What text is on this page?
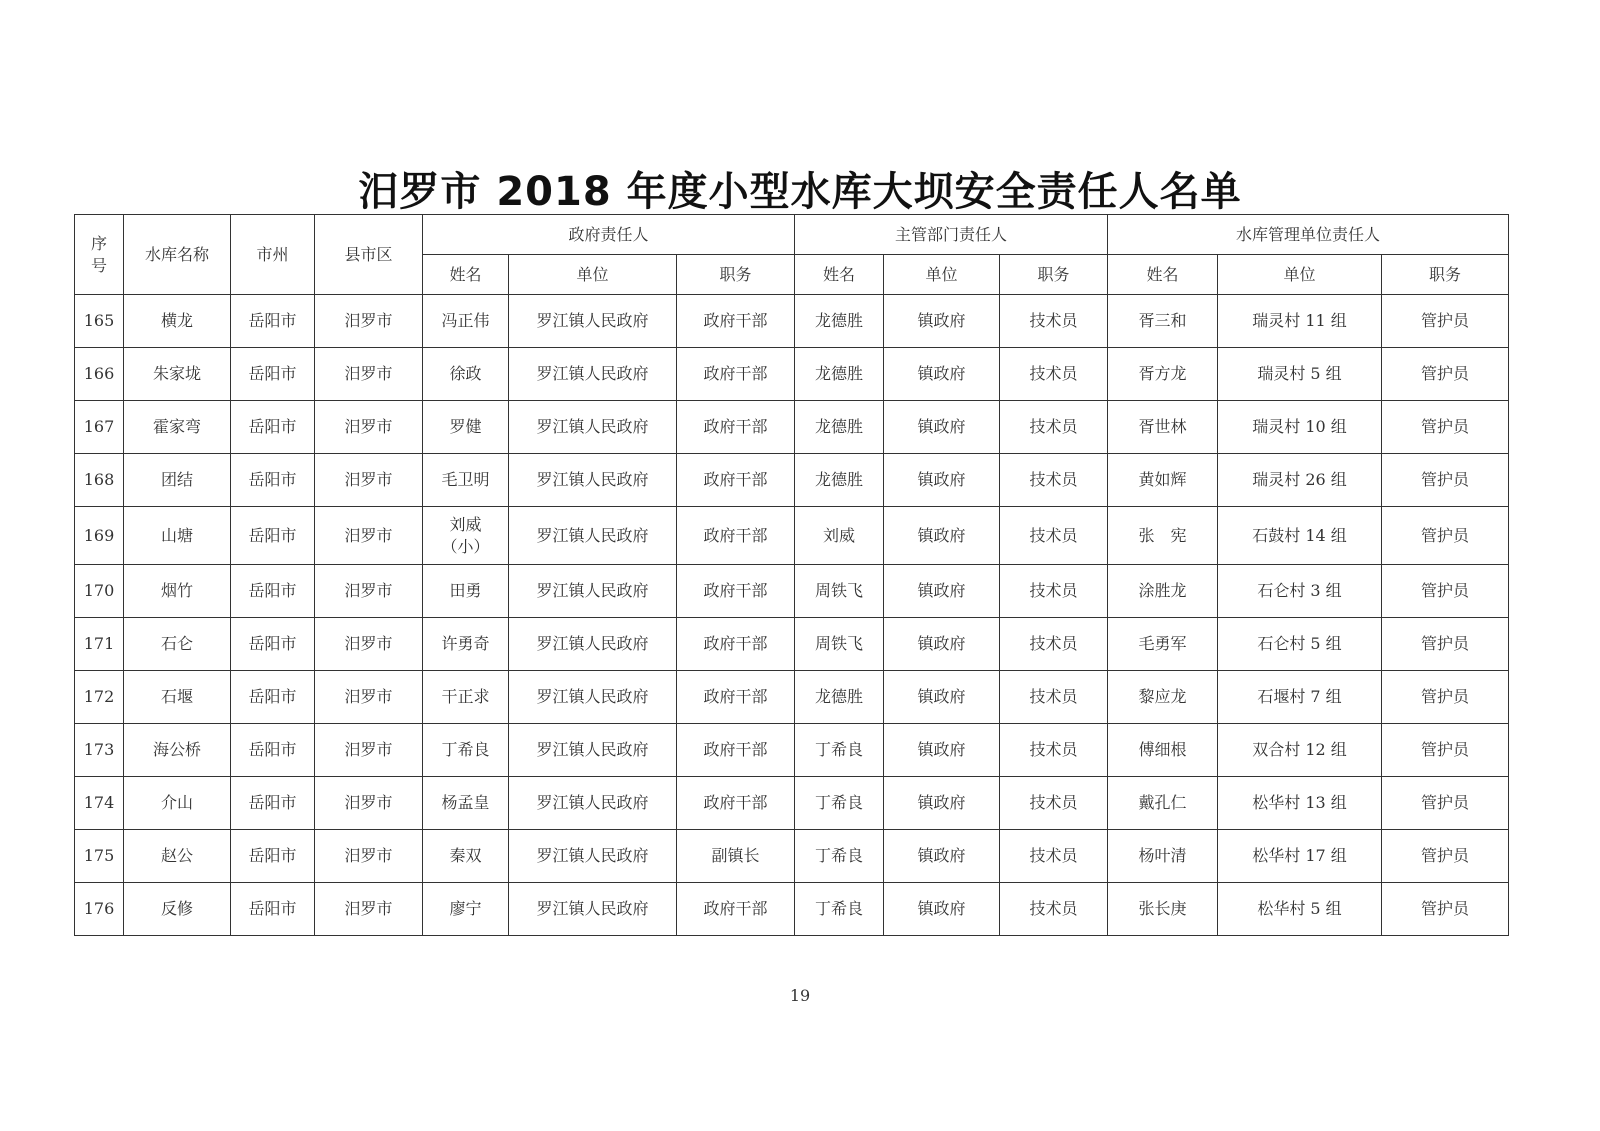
汨罗市 2018 年度小型水库大坝安全责任人名单
序
号	水库名称	市州	县市区	政府责任人			主管部门责任人			水库管理单位责任人		
				姓名	单位	职务	姓名	单位	职务	姓名	单位	职务
165	横龙	岳阳市	汨罗市	冯正伟	罗江镇人民政府	政府干部	龙德胜	镇政府	技术员	胥三和	瑞灵村 11 组	管护员
166	朱家垅	岳阳市	汨罗市	徐政	罗江镇人民政府	政府干部	龙德胜	镇政府	技术员	胥方龙	瑞灵村 5 组	管护员
167	霍家弯	岳阳市	汨罗市	罗健	罗江镇人民政府	政府干部	龙德胜	镇政府	技术员	胥世林	瑞灵村 10 组	管护员
168	团结	岳阳市	汨罗市	毛卫明	罗江镇人民政府	政府干部	龙德胜	镇政府	技术员	黄如辉	瑞灵村 26 组	管护员
169	山塘	岳阳市	汨罗市	刘威
（小）	罗江镇人民政府	政府干部	刘威	镇政府	技术员	张　宪	石鼓村 14 组	管护员
170	烟竹	岳阳市	汨罗市	田勇	罗江镇人民政府	政府干部	周铁飞	镇政府	技术员	涂胜龙	石仑村 3 组	管护员
171	石仑	岳阳市	汨罗市	许勇奇	罗江镇人民政府	政府干部	周铁飞	镇政府	技术员	毛勇军	石仑村 5 组	管护员
172	石堰	岳阳市	汨罗市	干正求	罗江镇人民政府	政府干部	龙德胜	镇政府	技术员	黎应龙	石堰村 7 组	管护员
173	海公桥	岳阳市	汨罗市	丁希良	罗江镇人民政府	政府干部	丁希良	镇政府	技术员	傅细根	双合村 12 组	管护员
174	介山	岳阳市	汨罗市	杨孟皇	罗江镇人民政府	政府干部	丁希良	镇政府	技术员	戴孔仁	松华村 13 组	管护员
175	赵公	岳阳市	汨罗市	秦双	罗江镇人民政府	副镇长	丁希良	镇政府	技术员	杨叶清	松华村 17 组	管护员
176	反修	岳阳市	汨罗市	廖宁	罗江镇人民政府	政府干部	丁希良	镇政府	技术员	张长庚	松华村 5 组	管护员
19
